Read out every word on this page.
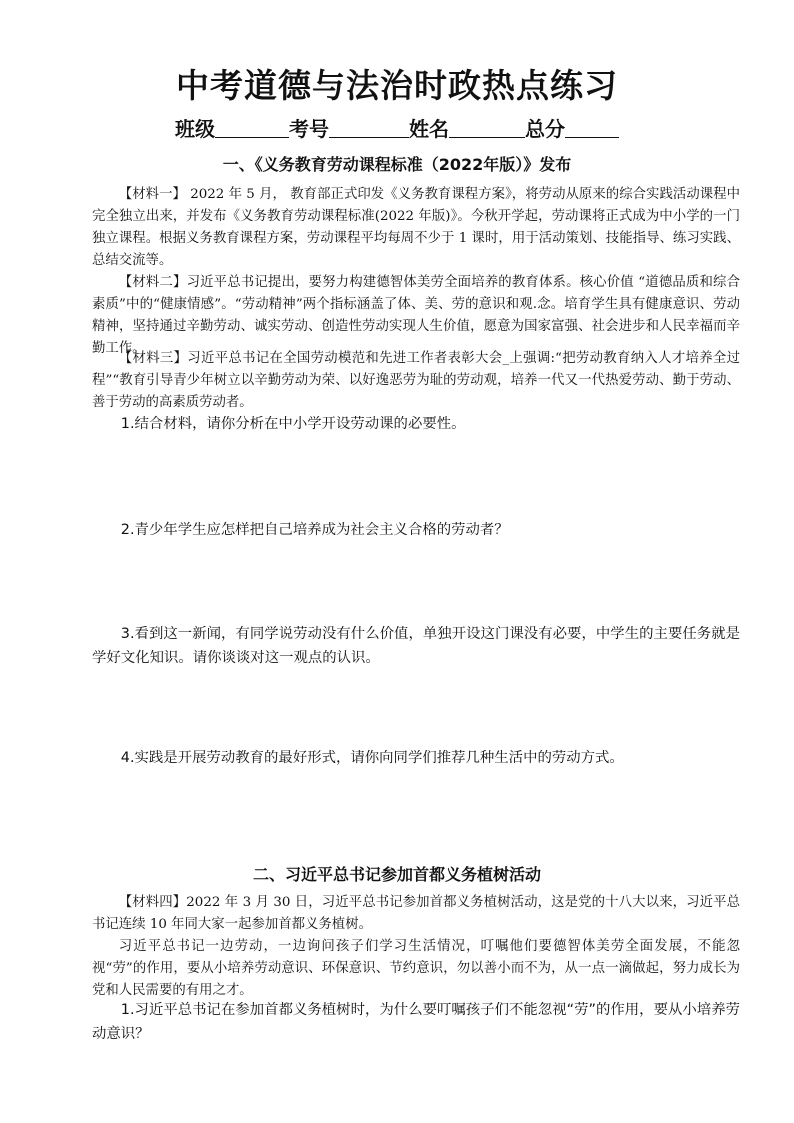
中考道德与法治时政热点练习
班级	考号	姓名	总分
一、《义务教育劳动课程标准（2022年版）》发布
【材料一】 2022 年 5 月， 教育部正式印发《义务教育课程方案》，将劳动从原来的综合实践活动课程中完全独立出来，并发布《义务教育劳动课程标准(2022 年版)》。今秋开学起，劳动课将正式成为中小学的一门独立课程。根据义务教育课程方案，劳动课程平均每周不少于 1 课时，用于活动策划、技能指导、练习实践、总结交流等。
【材料二】习近平总书记提出，要努力构建德智体美劳全面培养的教育体系。核心价值 “道德品质和综合素质”中的“健康情感”。“劳动精神”两个指标涵盖了体、美、劳的意识和观.念。培育学生具有健康意识、劳动精神，坚持通过辛勤劳动、诚实劳动、创造性劳动实现人生价值，愿意为国家富强、社会进步和人民幸福而辛勤工作。
【材料三】习近平总书记在全国劳动模范和先进工作者表彰大会_上强调:“把劳动教育纳入人才培养全过程”“教育引导青少年树立以辛勤劳动为荣、以好逸恶劳为耻的劳动观，培养一代又一代热爱劳动、勤于劳动、善于劳动的高素质劳动者。
1.结合材料，请你分析在中小学开设劳动课的必要性。
2.青少年学生应怎样把自己培养成为社会主义合格的劳动者？
3.看到这一新闻，有同学说劳动没有什么价值，单独开设这门课没有必要，中学生的主要任务就是学好文化知识。请你谈谈对这一观点的认识。
4.实践是开展劳动教育的最好形式，请你向同学们推荐几种生活中的劳动方式。
二、习近平总书记参加首都义务植树活动
【材料四】2022 年 3 月 30 日，习近平总书记参加首都义务植树活动，这是党的十八大以来，习近平总书记连续 10 年同大家一起参加首都义务植树。
习近平总书记一边劳动，一边询问孩子们学习生活情况，叮嘱他们要德智体美劳全面发展，不能忽视“劳”的作用，要从小培养劳动意识、环保意识、节约意识，勿以善小而不为，从一点一滴做起，努力成长为党和人民需要的有用之才。
1.习近平总书记在参加首都义务植树时，为什么要叮嘱孩子们不能忽视“劳”的作用，要从小培养劳动意识？
